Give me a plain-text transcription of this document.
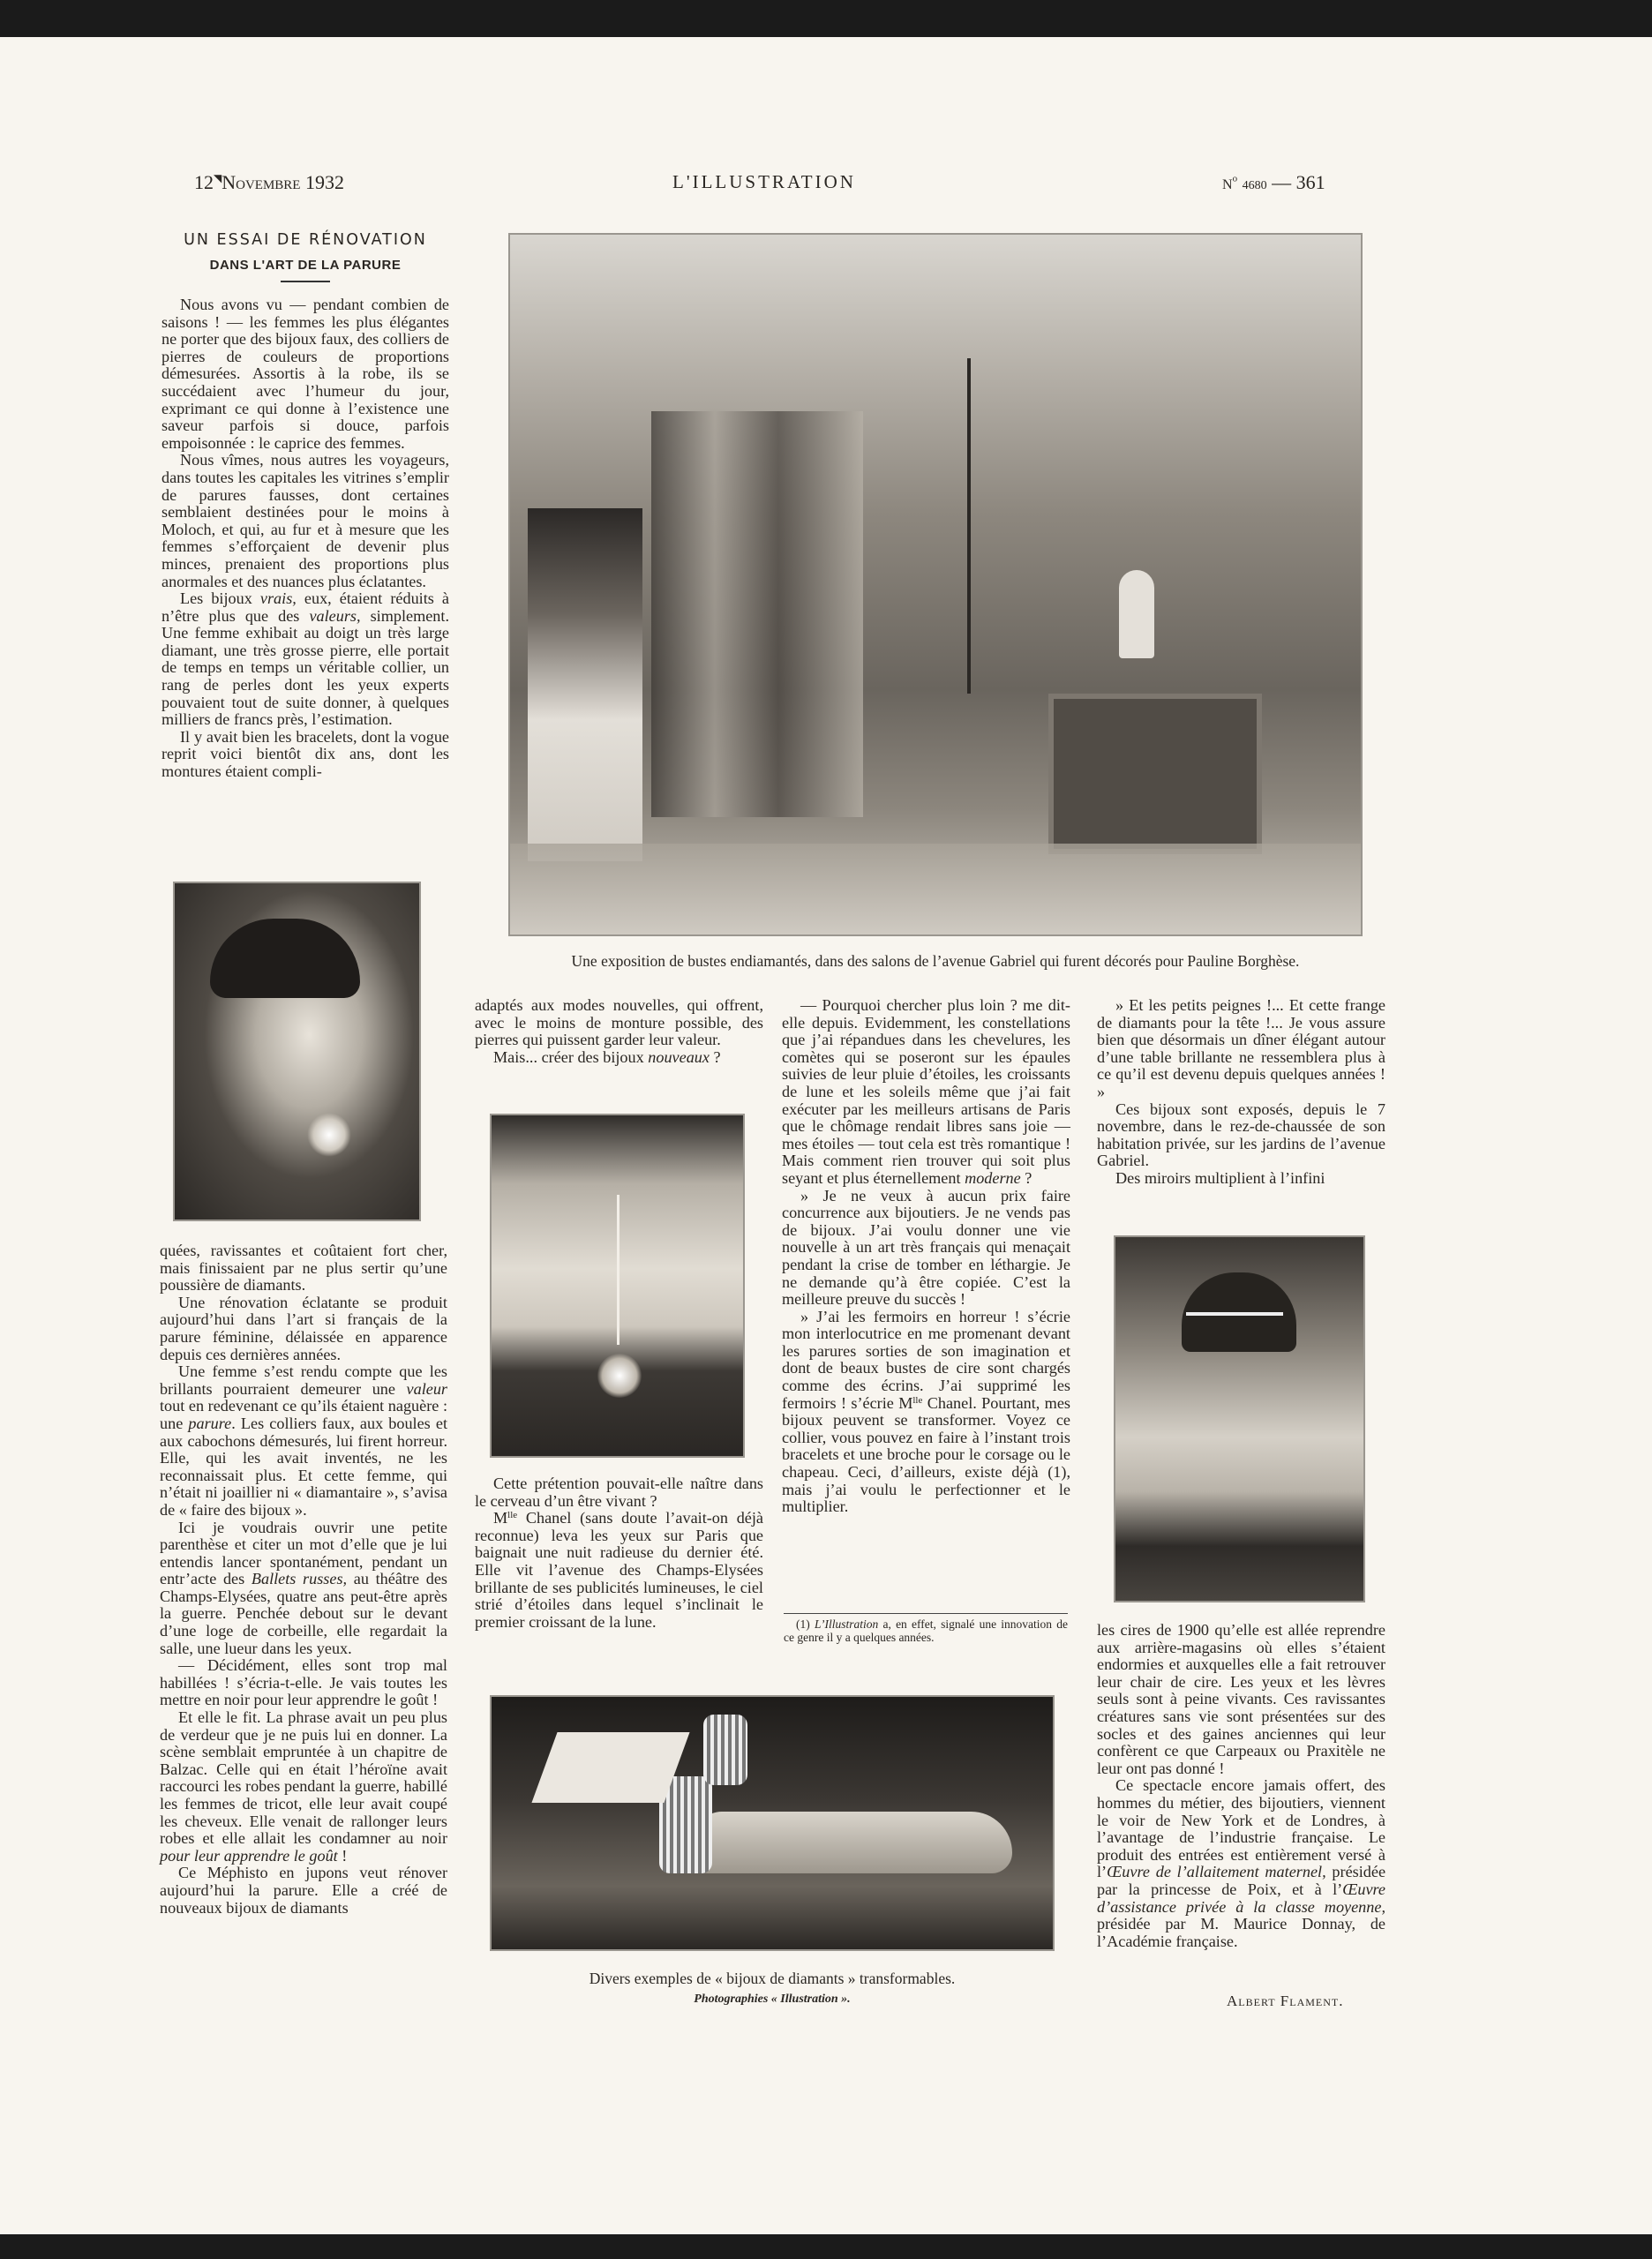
12◥Novembre 1932	L'ILLUSTRATION	$N^o$ 4680 — 361
UN ESSAI DE RÉNOVATION
DANS L'ART DE LA PARURE

Nous avons vu — pendant combien de saisons ! — les femmes les plus élégantes ne porter que des bijoux faux, des colliers de pierres de couleurs de proportions démesurées. Assortis à la robe, ils se succédaient avec l’humeur du jour, exprimant ce qui donne à l’existence une saveur parfois si douce, parfois empoisonnée : le caprice des femmes.

Nous vîmes, nous autres les voyageurs, dans toutes les capitales les vitrines s’emplir de parures fausses, dont certaines semblaient destinées pour le moins à Moloch, et qui, au fur et à mesure que les femmes s’efforçaient de devenir plus minces, prenaient des proportions plus anormales et des nuances plus éclatantes.

Les bijoux vrais, eux, étaient réduits à n’être plus que des valeurs, simplement. Une femme exhibait au doigt un très large diamant, une très grosse pierre, elle portait de temps en temps un véritable collier, un rang de perles dont les yeux experts pouvaient tout de suite donner, à quelques milliers de francs près, l’estimation.

Il y avait bien les bracelets, dont la vogue reprit voici bientôt dix ans, dont les montures étaient compli-

quées, ravissantes et coûtaient fort cher, mais finissaient par ne plus sertir qu’une poussière de diamants.

Une rénovation éclatante se produit aujourd’hui dans l’art si français de la parure féminine, délaissée en apparence depuis ces dernières années.

Une femme s’est rendu compte que les brillants pourraient demeurer une valeur tout en redevenant ce qu’ils étaient naguère : une parure. Les colliers faux, aux boules et aux cabochons démesurés, lui firent horreur. Elle, qui les avait inventés, ne les reconnaissait plus. Et cette femme, qui n’était ni joaillier ni « diamantaire », s’avisa de « faire des bijoux ».

Ici je voudrais ouvrir une petite parenthèse et citer un mot d’elle que je lui entendis lancer spontanément, pendant un entr’acte des Ballets russes, au théâtre des Champs-Elysées, quatre ans peut-être après la guerre. Penchée debout sur le devant d’une loge de corbeille, elle regardait la salle, une lueur dans les yeux.

— Décidément, elles sont trop mal habillées ! s’écria-t-elle. Je vais toutes les mettre en noir pour leur apprendre le goût !

Et elle le fit. La phrase avait un peu plus de verdeur que je ne puis lui en donner. La scène semblait empruntée à un chapitre de Balzac. Celle qui en était l’héroïne avait raccourci les robes pendant la guerre, habillé les femmes de tricot, elle leur avait coupé les cheveux. Elle venait de rallonger leurs robes et elle allait les condamner au noir pour leur apprendre le goût !

Ce Méphisto en jupons veut rénover aujourd’hui la parure. Elle a créé de nouveaux bijoux de diamants

adaptés aux modes nouvelles, qui offrent, avec le moins de monture possible, des pierres qui puissent garder leur valeur.

Mais... créer des bijoux nouveaux ?

Cette prétention pouvait-elle naître dans le cerveau d’un être vivant ?

$M^{lle}$ Chanel (sans doute l’avait-on déjà reconnue) leva les yeux sur Paris que baignait une nuit radieuse du dernier été. Elle vit l’avenue des Champs-Elysées brillante de ses publicités lumineuses, le ciel strié d’étoiles dans lequel s’inclinait le premier croissant de la lune.

— Pourquoi chercher plus loin ? me dit-elle depuis. Evidemment, les constellations que j’ai répandues dans les chevelures, les comètes qui se poseront sur les épaules suivies de leur pluie d’étoiles, les croissants de lune et les soleils même que j’ai fait exécuter par les meilleurs artisans de Paris que le chômage rendait libres sans joie — mes étoiles — tout cela est très romantique ! Mais comment rien trouver qui soit plus seyant et plus éternellement moderne ?

» Je ne veux à aucun prix faire concurrence aux bijoutiers. Je ne vends pas de bijoux. J’ai voulu donner une vie nouvelle à un art très français qui menaçait pendant la crise de tomber en léthargie. Je ne demande qu’à être copiée. C’est la meilleure preuve du succès !

» J’ai les fermoirs en horreur ! s’écrie mon interlocutrice en me promenant devant les parures sorties de son imagination et dont de beaux bustes de cire sont chargés comme des écrins. J’ai supprimé les fermoirs ! s’écrie $M^{lle}$ Chanel. Pourtant, mes bijoux peuvent se transformer. Voyez ce collier, vous pouvez en faire à l’instant trois bracelets et une broche pour le corsage ou le chapeau. Ceci, d’ailleurs, existe déjà (1), mais j’ai voulu le perfectionner et le multiplier.

» Et les petits peignes !... Et cette frange de diamants pour la tête !... Je vous assure bien que désormais un dîner élégant autour d’une table brillante ne ressemblera plus à ce qu’il est devenu depuis quelques années ! »

Ces bijoux sont exposés, depuis le 7 novembre, dans le rez-de-chaussée de son habitation privée, sur les jardins de l’avenue Gabriel.

Des miroirs multiplient à l’infini

les cires de 1900 qu’elle est allée reprendre aux arrière-magasins où elles s’étaient endormies et auxquelles elle a fait retrouver leur chair de cire. Les yeux et les lèvres seuls sont à peine vivants. Ces ravissantes créatures sans vie sont présentées sur des socles et des gaines anciennes qui leur confèrent ce que Carpeaux ou Praxitèle ne leur ont pas donné !

Ce spectacle encore jamais offert, des hommes du métier, des bijoutiers, viennent le voir de New York et de Londres, à l’avantage de l’industrie française. Le produit des entrées est entièrement versé à l’Œuvre de l’allaitement maternel, présidée par la princesse de Poix, et à l’Œuvre d’assistance privée à la classe moyenne, présidée par M. Maurice Donnay, de l’Académie française.

Albert Flament.
(1) L’Illustration a, en effet, signalé une innovation de ce genre il y a quelques années.
Une exposition de bustes endiamantés, dans des salons de l’avenue Gabriel qui furent décorés pour Pauline Borghèse.
Divers exemples de « bijoux de diamants » transformables.
Photographies « Illustration ».
